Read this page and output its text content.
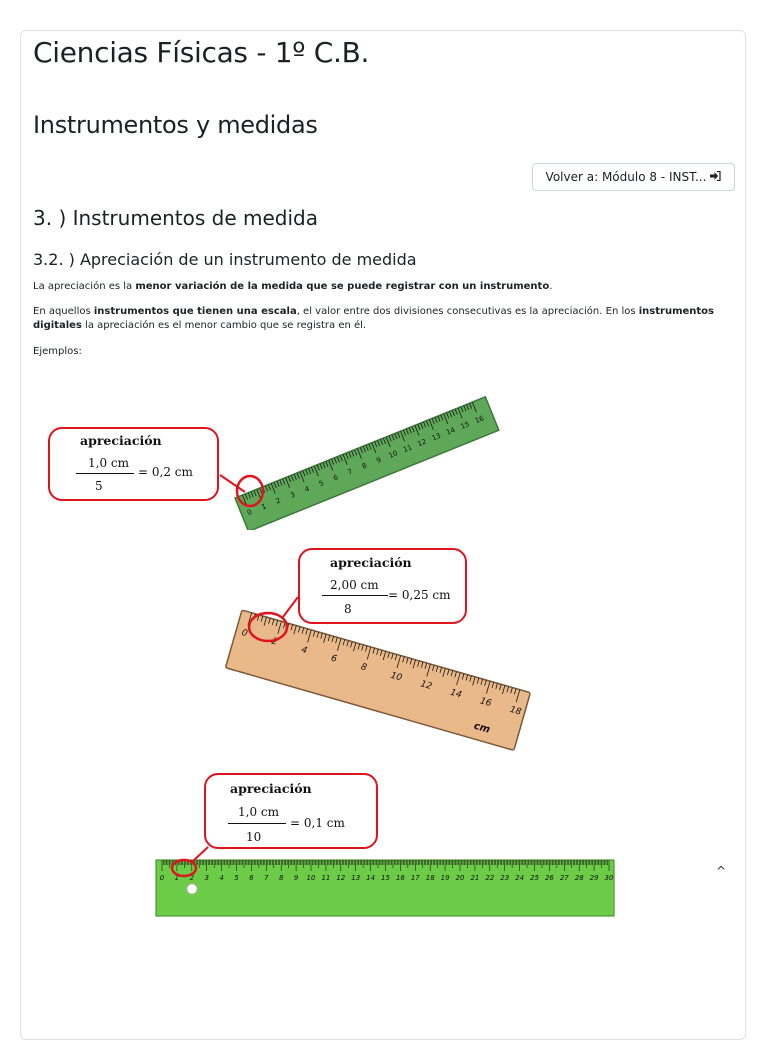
Ciencias Físicas - 1º C.B.
Instrumentos y medidas
Volver a: Módulo 8 - INST...
3. ) Instrumentos de medida
3.2. ) Apreciación de un instrumento de medida

La apreciación es la menor variación de la medida que se puede registrar con un instrumento.

En aquellos instrumentos que tienen una escala, el valor entre dos divisiones consecutivas es la apreciación. En los instrumentos digitales la apreciación es el menor cambio que se registra en él.

Ejemplos:

0
1
2
3
4
5
6
7
8
9
10
11
12
13
14
15
16
apreciación
1,0 cm
5
= 0,2 cm
0
2
4
6
8
10
12
14
16
18
cm
apreciación
2,00 cm
8
= 0,25 cm
0 1 2 3 4 5 6 7 8 9 10 11 12 13 14 15 16 17 18 19 20 21 22 23 24 25 26 27 28 29 30
apreciación
1,0 cm
10
= 0,1 cm
^
